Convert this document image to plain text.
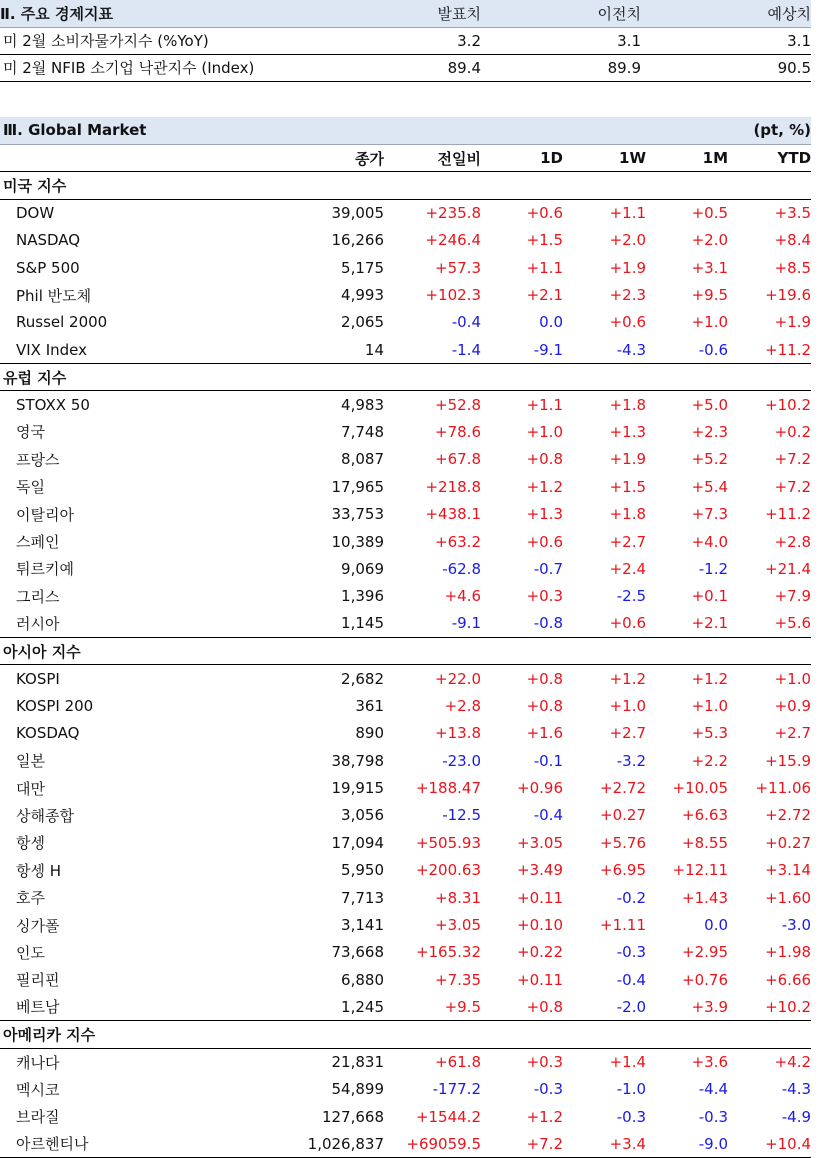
Ⅱ. 주요 경제지표	발표치	이전치	예상치
미 2월 소비자물가지수 (%YoY)	3.2	3.1	3.1
미 2월 NFIB 소기업 낙관지수 (Index)	89.4	89.9	90.5
Ⅲ. Global Market					(pt, %)	
	종가	전일비	1D	1W	1M	YTD
미국 지수						
DOW	39,005	+235.8	+0.6	+1.1	+0.5	+3.5
NASDAQ	16,266	+246.4	+1.5	+2.0	+2.0	+8.4
S&P 500	5,175	+57.3	+1.1	+1.9	+3.1	+8.5
Phil 반도체	4,993	+102.3	+2.1	+2.3	+9.5	+19.6
Russel 2000	2,065	-0.4	0.0	+0.6	+1.0	+1.9
VIX Index	14	-1.4	-9.1	-4.3	-0.6	+11.2
유럽 지수						
STOXX 50	4,983	+52.8	+1.1	+1.8	+5.0	+10.2
영국	7,748	+78.6	+1.0	+1.3	+2.3	+0.2
프랑스	8,087	+67.8	+0.8	+1.9	+5.2	+7.2
독일	17,965	+218.8	+1.2	+1.5	+5.4	+7.2
이탈리아	33,753	+438.1	+1.3	+1.8	+7.3	+11.2
스페인	10,389	+63.2	+0.6	+2.7	+4.0	+2.8
튀르키예	9,069	-62.8	-0.7	+2.4	-1.2	+21.4
그리스	1,396	+4.6	+0.3	-2.5	+0.1	+7.9
러시아	1,145	-9.1	-0.8	+0.6	+2.1	+5.6
아시아 지수						
KOSPI	2,682	+22.0	+0.8	+1.2	+1.2	+1.0
KOSPI 200	361	+2.8	+0.8	+1.0	+1.0	+0.9
KOSDAQ	890	+13.8	+1.6	+2.7	+5.3	+2.7
일본	38,798	-23.0	-0.1	-3.2	+2.2	+15.9
대만	19,915	+188.47	+0.96	+2.72	+10.05	+11.06
상해종합	3,056	-12.5	-0.4	+0.27	+6.63	+2.72
항셍	17,094	+505.93	+3.05	+5.76	+8.55	+0.27
항셍 H	5,950	+200.63	+3.49	+6.95	+12.11	+3.14
호주	7,713	+8.31	+0.11	-0.2	+1.43	+1.60
싱가폴	3,141	+3.05	+0.10	+1.11	0.0	-3.0
인도	73,668	+165.32	+0.22	-0.3	+2.95	+1.98
필리핀	6,880	+7.35	+0.11	-0.4	+0.76	+6.66
베트남	1,245	+9.5	+0.8	-2.0	+3.9	+10.2
아메리카 지수						
캐나다	21,831	+61.8	+0.3	+1.4	+3.6	+4.2
멕시코	54,899	-177.2	-0.3	-1.0	-4.4	-4.3
브라질	127,668	+1544.2	+1.2	-0.3	-0.3	-4.9
아르헨티나	1,026,837	+69059.5	+7.2	+3.4	-9.0	+10.4
